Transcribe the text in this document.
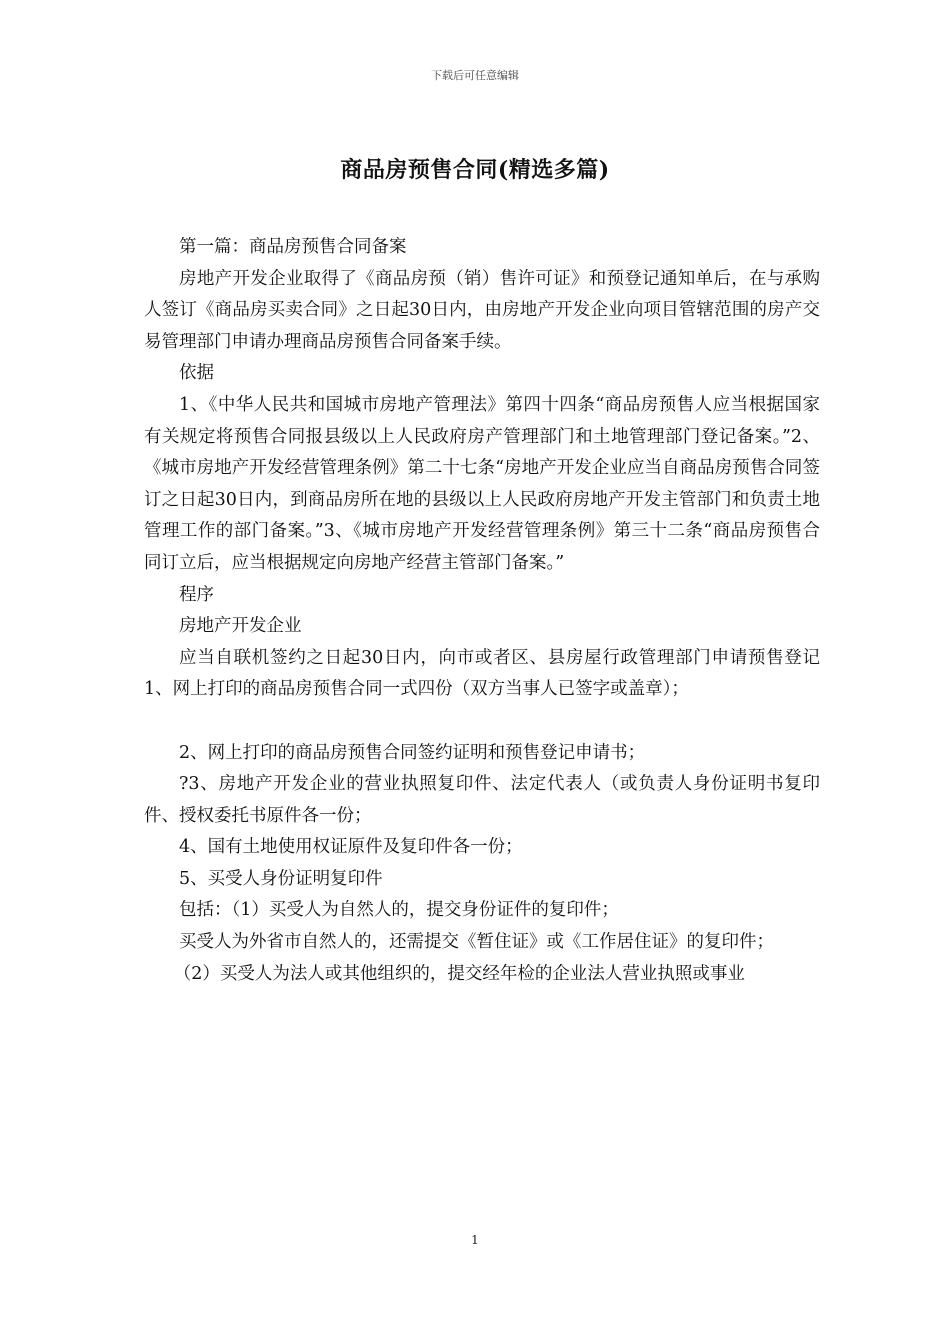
下载后可任意编辑
商品房预售合同(精选多篇)

第一篇：商品房预售合同备案

房地产开发企业取得了《商品房预（销）售许可证》和预登记通知单后，在与承购人签订《商品房买卖合同》之日起30日内，由房地产开发企业向项目管辖范围的房产交易管理部门申请办理商品房预售合同备案手续。

依据

1、《中华人民共和国城市房地产管理法》第四十四条“商品房预售人应当根据国家有关规定将预售合同报县级以上人民政府房产管理部门和土地管理部门登记备案。”2、《城市房地产开发经营管理条例》第二十七条“房地产开发企业应当自商品房预售合同签订之日起30日内，到商品房所在地的县级以上人民政府房地产开发主管部门和负责土地管理工作的部门备案。”3、《城市房地产开发经营管理条例》第三十二条“商品房预售合同订立后，应当根据规定向房地产经营主管部门备案。”

程序

房地产开发企业

应当自联机签约之日起30日内，向市或者区、县房屋行政管理部门申请预售登记1、网上打印的商品房预售合同一式四份（双方当事人已签字或盖章）；

2、网上打印的商品房预售合同签约证明和预售登记申请书；

?3、房地产开发企业的营业执照复印件、法定代表人（或负责人身份证明书复印件、授权委托书原件各一份；

4、国有土地使用权证原件及复印件各一份；

5、买受人身份证明复印件

包括：（1）买受人为自然人的，提交身份证件的复印件；

买受人为外省市自然人的，还需提交《暂住证》或《工作居住证》的复印件；

（2）买受人为法人或其他组织的，提交经年检的企业法人营业执照或事业

1
